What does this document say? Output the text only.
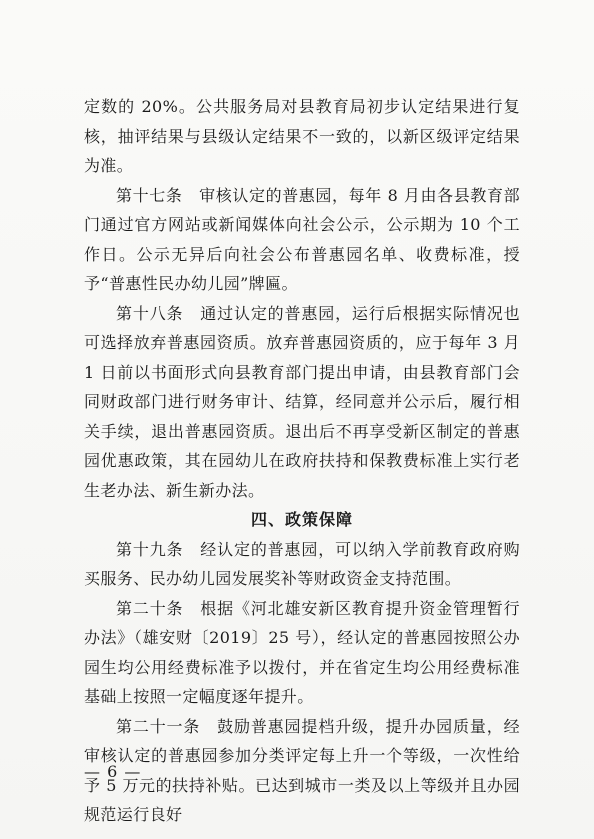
定数的 20%。公共服务局对县教育局初步认定结果进行复核，抽评结果与县级认定结果不一致的，以新区级评定结果为准。

第十七条　审核认定的普惠园，每年 8 月由各县教育部门通过官方网站或新闻媒体向社会公示，公示期为 10 个工作日。公示无异后向社会公布普惠园名单、收费标准，授予“普惠性民办幼儿园”牌匾。

第十八条　通过认定的普惠园，运行后根据实际情况也可选择放弃普惠园资质。放弃普惠园资质的，应于每年 3 月 1 日前以书面形式向县教育部门提出申请，由县教育部门会同财政部门进行财务审计、结算，经同意并公示后，履行相关手续，退出普惠园资质。退出后不再享受新区制定的普惠园优惠政策，其在园幼儿在政府扶持和保教费标准上实行老生老办法、新生新办法。

四、政策保障

第十九条　经认定的普惠园，可以纳入学前教育政府购买服务、民办幼儿园发展奖补等财政资金支持范围。

第二十条　根据《河北雄安新区教育提升资金管理暂行办法》（雄安财〔2019〕25 号），经认定的普惠园按照公办园生均公用经费标准予以拨付，并在省定生均公用经费标准基础上按照一定幅度逐年提升。

第二十一条　鼓励普惠园提档升级，提升办园质量，经审核认定的普惠园参加分类评定每上升一个等级，一次性给予 5 万元的扶持补贴。已达到城市一类及以上等级并且办园规范运行良好

— 6 —
